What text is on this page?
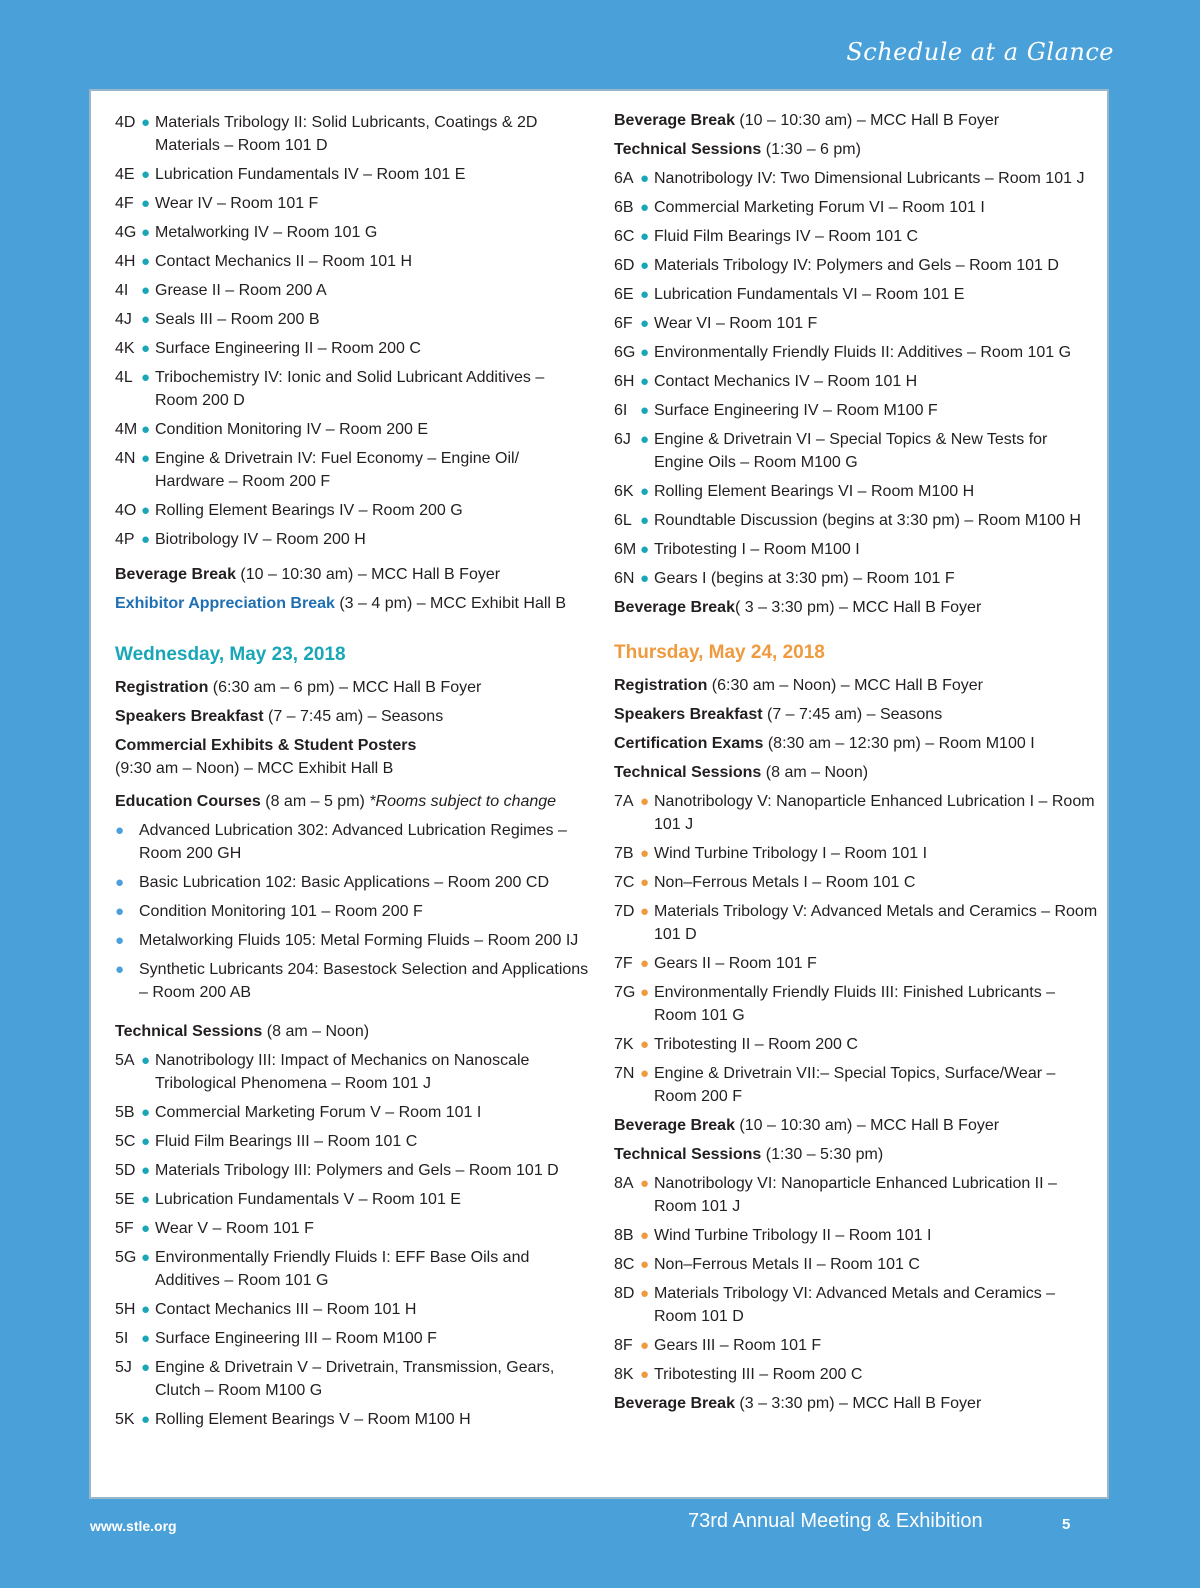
Schedule at a Glance
4D ● Materials Tribology II: Solid Lubricants, Coatings & 2D Materials – Room 101 D
4E ● Lubrication Fundamentals IV – Room 101 E
4F ● Wear IV – Room 101 F
4G ● Metalworking IV – Room 101 G
4H ● Contact Mechanics II – Room 101 H
4I ● Grease II – Room 200 A
4J ● Seals III – Room 200 B
4K ● Surface Engineering II – Room 200 C
4L ● Tribochemistry IV: Ionic and Solid Lubricant Additives – Room 200 D
4M ● Condition Monitoring IV – Room 200 E
4N ● Engine & Drivetrain IV: Fuel Economy – Engine Oil/ Hardware – Room 200 F
4O ● Rolling Element Bearings IV – Room 200 G
4P ● Biotribology IV – Room 200 H
Beverage Break (10 – 10:30 am) – MCC Hall B Foyer
Exhibitor Appreciation Break (3 – 4 pm) – MCC Exhibit Hall B
Wednesday, May 23, 2018
Registration (6:30 am – 6 pm) – MCC Hall B Foyer
Speakers Breakfast (7 – 7:45 am) – Seasons
Commercial Exhibits & Student Posters
(9:30 am – Noon) – MCC Exhibit Hall B
Education Courses (8 am – 5 pm) *Rooms subject to change
● Advanced Lubrication 302: Advanced Lubrication Regimes – Room 200 GH
● Basic Lubrication 102: Basic Applications – Room 200 CD
● Condition Monitoring 101 – Room 200 F
● Metalworking Fluids 105: Metal Forming Fluids – Room 200 IJ
● Synthetic Lubricants 204: Basestock Selection and Applications – Room 200 AB
Technical Sessions (8 am – Noon)
5A ● Nanotribology III: Impact of Mechanics on Nanoscale Tribological Phenomena – Room 101 J
5B ● Commercial Marketing Forum V – Room 101 I
5C ● Fluid Film Bearings III – Room 101 C
5D ● Materials Tribology III: Polymers and Gels – Room 101 D
5E ● Lubrication Fundamentals V – Room 101 E
5F ● Wear V – Room 101 F
5G ● Environmentally Friendly Fluids I: EFF Base Oils and Additives – Room 101 G
5H ● Contact Mechanics III – Room 101 H
5I ● Surface Engineering III – Room M100 F
5J ● Engine & Drivetrain V – Drivetrain, Transmission, Gears, Clutch – Room M100 G
5K ● Rolling Element Bearings V – Room M100 H
Beverage Break (10 – 10:30 am) – MCC Hall B Foyer
Technical Sessions (1:30 – 6 pm)
6A ● Nanotribology IV: Two Dimensional Lubricants – Room 101 J
6B ● Commercial Marketing Forum VI – Room 101 I
6C ● Fluid Film Bearings IV – Room 101 C
6D ● Materials Tribology IV: Polymers and Gels – Room 101 D
6E ● Lubrication Fundamentals VI – Room 101 E
6F ● Wear VI – Room 101 F
6G ● Environmentally Friendly Fluids II: Additives – Room 101 G
6H ● Contact Mechanics IV – Room 101 H
6I ● Surface Engineering IV – Room M100 F
6J ● Engine & Drivetrain VI – Special Topics & New Tests for Engine Oils – Room M100 G
6K ● Rolling Element Bearings VI – Room M100 H
6L ● Roundtable Discussion (begins at 3:30 pm) – Room M100 H
6M ● Tribotesting I – Room M100 I
6N ● Gears I (begins at 3:30 pm) – Room 101 F
Beverage Break( 3 – 3:30 pm) – MCC Hall B Foyer
Thursday, May 24, 2018
Registration (6:30 am – Noon) – MCC Hall B Foyer
Speakers Breakfast (7 – 7:45 am) – Seasons
Certification Exams (8:30 am – 12:30 pm) – Room M100 I
Technical Sessions (8 am – Noon)
7A ● Nanotribology V: Nanoparticle Enhanced Lubrication I – Room 101 J
7B ● Wind Turbine Tribology I – Room 101 I
7C ● Non–Ferrous Metals I – Room 101 C
7D ● Materials Tribology V: Advanced Metals and Ceramics – Room 101 D
7F ● Gears II – Room 101 F
7G ● Environmentally Friendly Fluids III: Finished Lubricants – Room 101 G
7K ● Tribotesting II – Room 200 C
7N ● Engine & Drivetrain VII:– Special Topics, Surface/Wear – Room 200 F
Beverage Break (10 – 10:30 am) – MCC Hall B Foyer
Technical Sessions (1:30 – 5:30 pm)
8A ● Nanotribology VI: Nanoparticle Enhanced Lubrication II – Room 101 J
8B ● Wind Turbine Tribology II – Room 101 I
8C ● Non–Ferrous Metals II – Room 101 C
8D ● Materials Tribology VI: Advanced Metals and Ceramics – Room 101 D
8F ● Gears III – Room 101 F
8K ● Tribotesting III – Room 200 C
Beverage Break (3 – 3:30 pm) – MCC Hall B Foyer
www.stle.org	73rd Annual Meeting & Exhibition	5
